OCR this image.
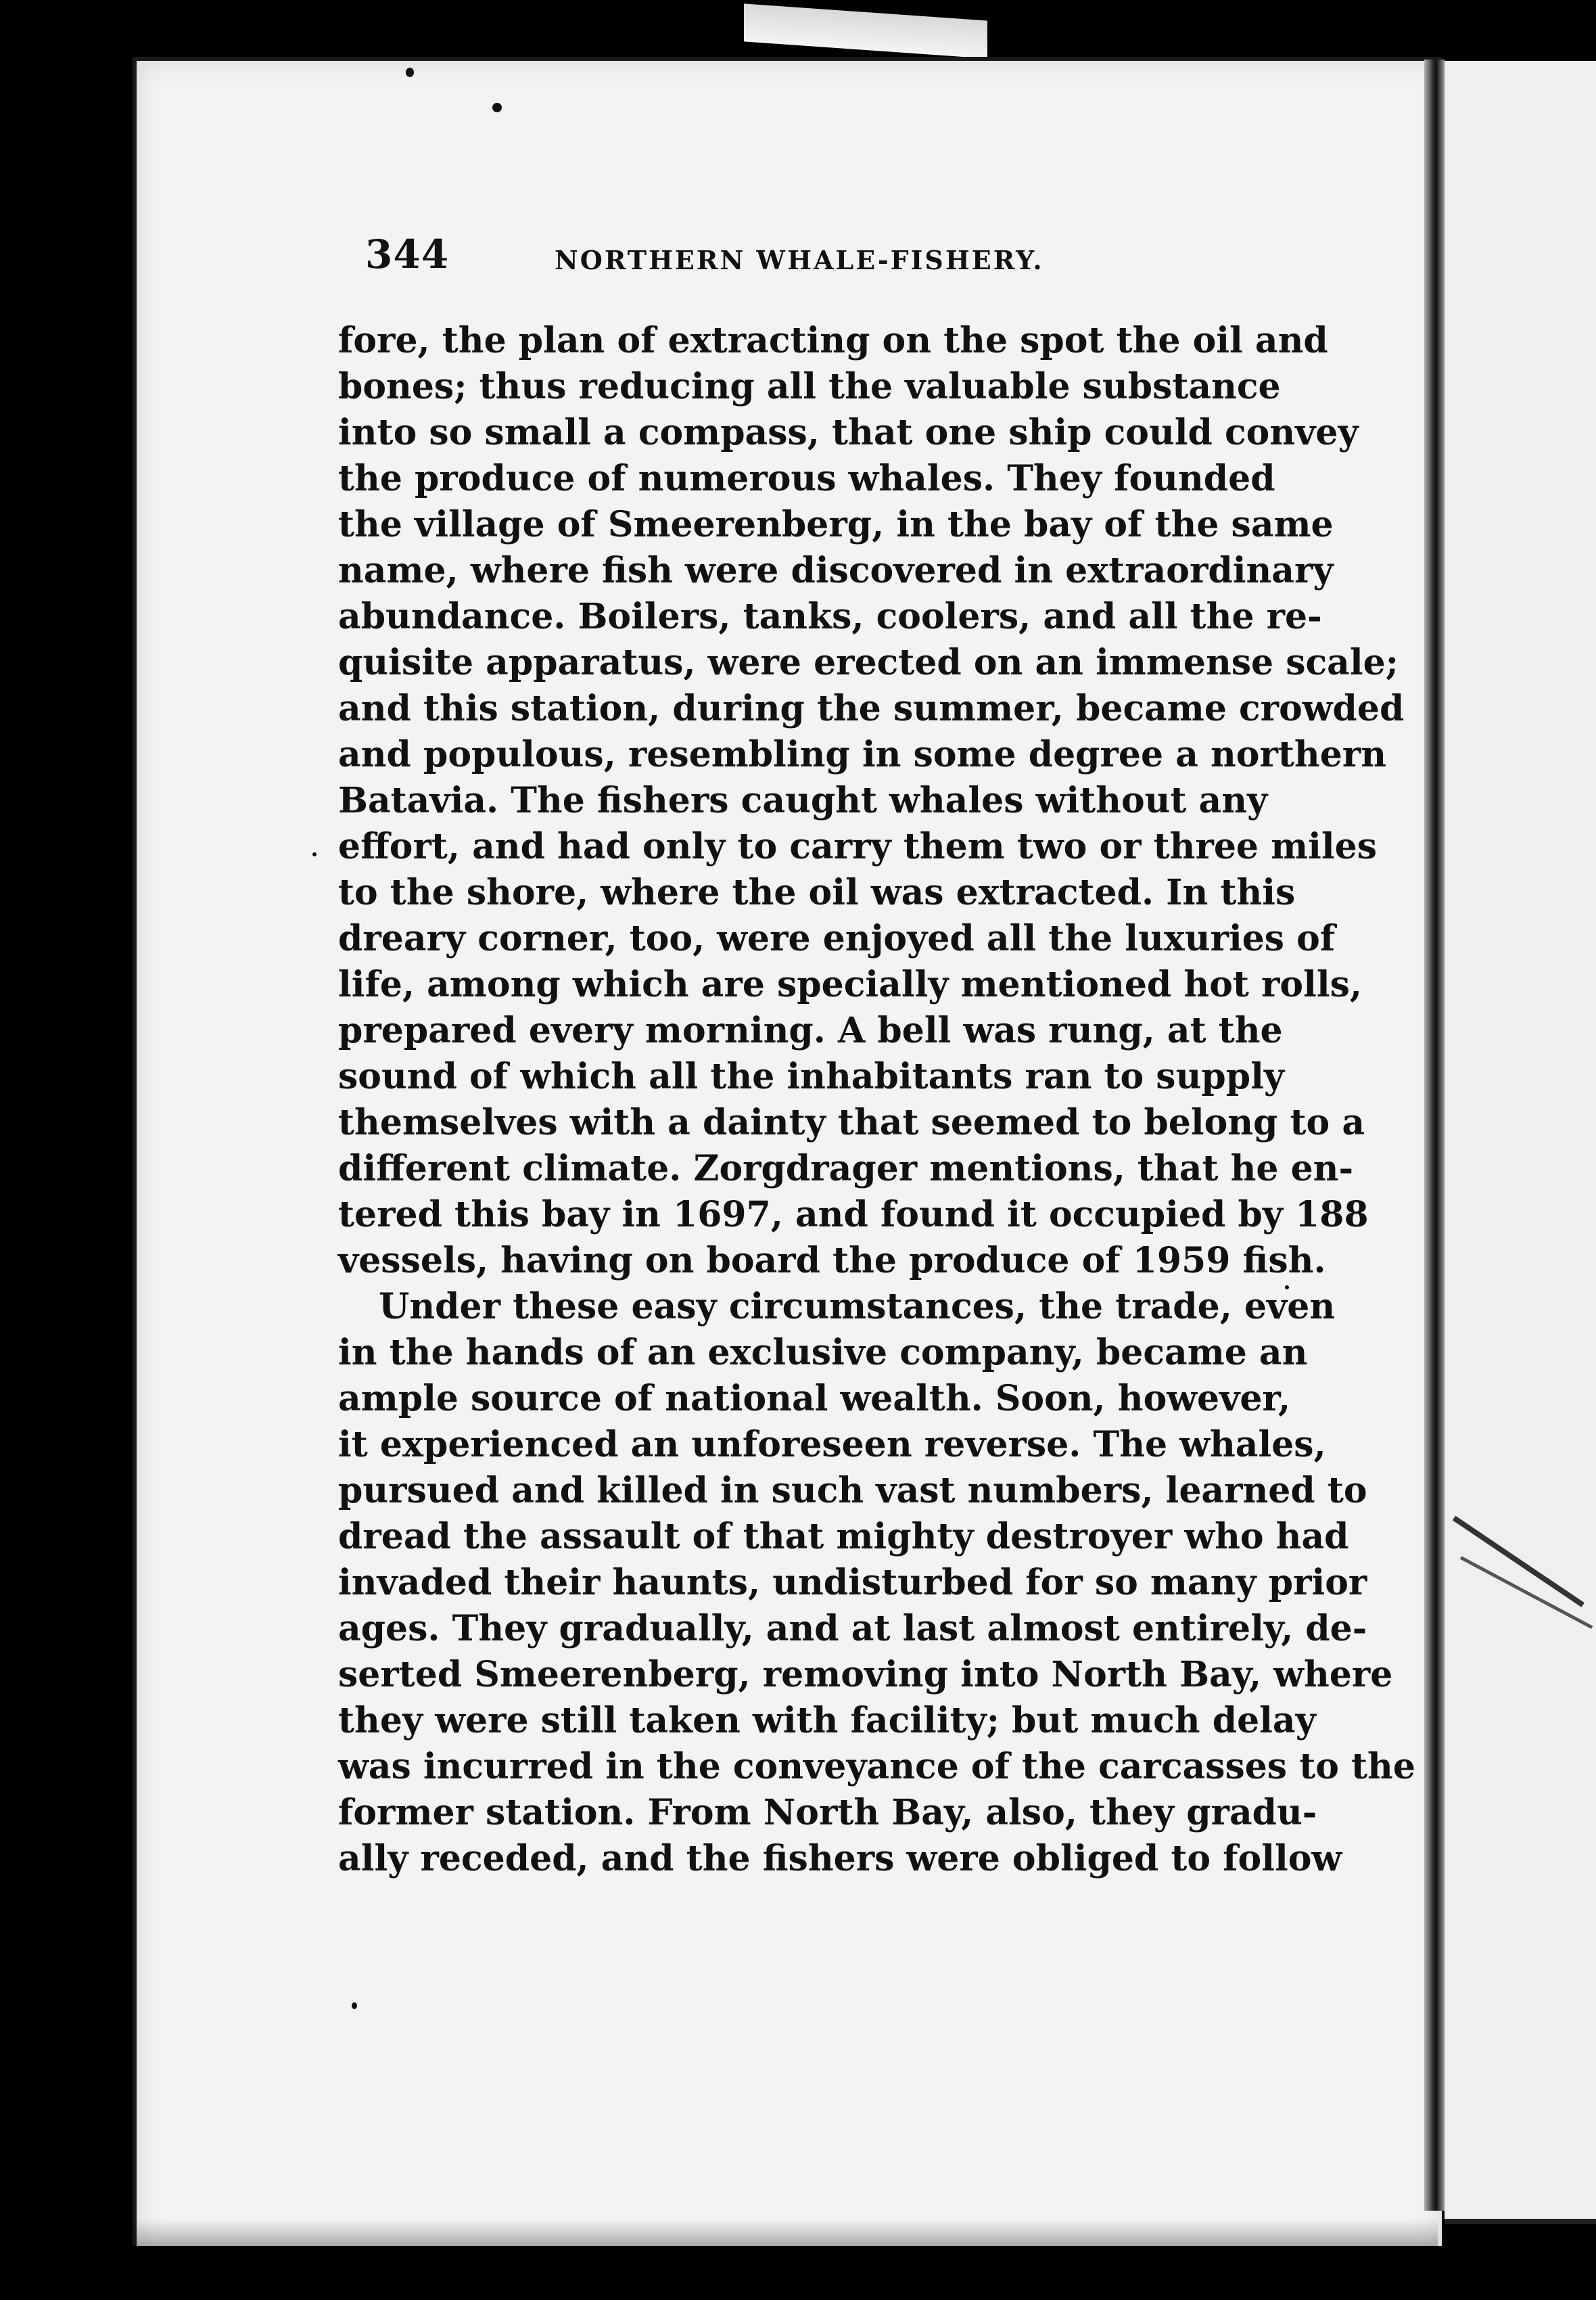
344	NORTHERN WHALE-FISHERY.
fore, the plan of extracting on the spot the oil and
bones; thus reducing all the valuable substance
into so small a compass, that one ship could convey
the produce of numerous whales. They founded
the village of Smeerenberg, in the bay of the same
name, where fish were discovered in extraordinary
abundance. Boilers, tanks, coolers, and all the re-
quisite apparatus, were erected on an immense scale;
and this station, during the summer, became crowded
and populous, resembling in some degree a northern
Batavia. The fishers caught whales without any
effort, and had only to carry them two or three miles
to the shore, where the oil was extracted. In this
dreary corner, too, were enjoyed all the luxuries of
life, among which are specially mentioned hot rolls,
prepared every morning. A bell was rung, at the
sound of which all the inhabitants ran to supply
themselves with a dainty that seemed to belong to a
different climate. Zorgdrager mentions, that he en-
tered this bay in 1697, and found it occupied by 188
vessels, having on board the produce of 1959 fish.
Under these easy circumstances, the trade, even
in the hands of an exclusive company, became an
ample source of national wealth. Soon, however,
it experienced an unforeseen reverse. The whales,
pursued and killed in such vast numbers, learned to
dread the assault of that mighty destroyer who had
invaded their haunts, undisturbed for so many prior
ages. They gradually, and at last almost entirely, de-
serted Smeerenberg, removing into North Bay, where
they were still taken with facility; but much delay
was incurred in the conveyance of the carcasses to the
former station. From North Bay, also, they gradu-
ally receded, and the fishers were obliged to follow
